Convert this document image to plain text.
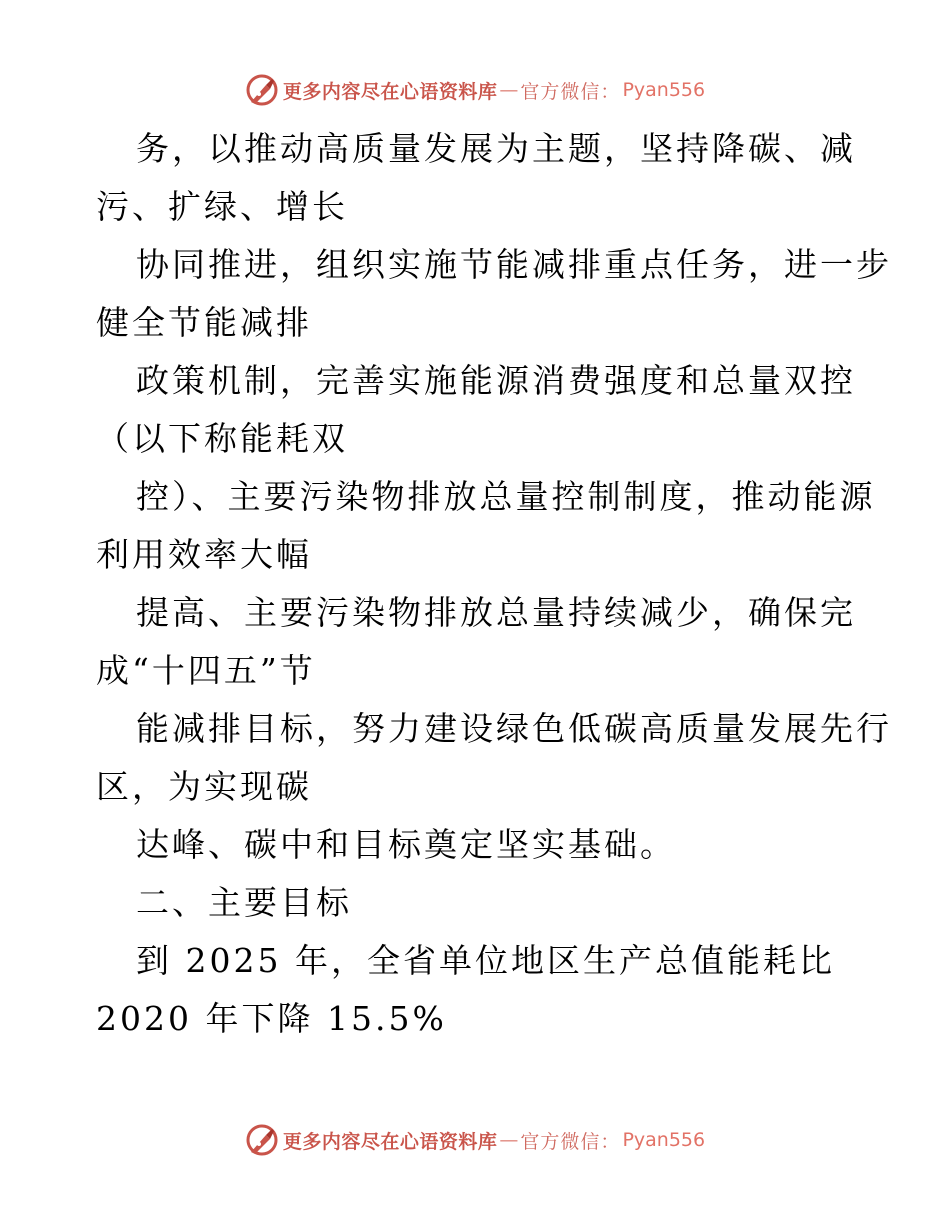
更多内容尽在心语资料库 — 官方微信： Pyan556
务，以推动高质量发展为主题，坚持降碳、减
污、扩绿、增长
协同推进，组织实施节能减排重点任务，进一步
健全节能减排
政策机制，完善实施能源消费强度和总量双控
（以下称能耗双
控）、主要污染物排放总量控制制度，推动能源
利用效率大幅
提高、主要污染物排放总量持续减少，确保完
成“十四五”节
能减排目标，努力建设绿色低碳高质量发展先行
区，为实现碳
达峰、碳中和目标奠定坚实基础。
二、主要目标
到 2025 年，全省单位地区生产总值能耗比
2020 年下降 15.5%
更多内容尽在心语资料库 — 官方微信： Pyan556
